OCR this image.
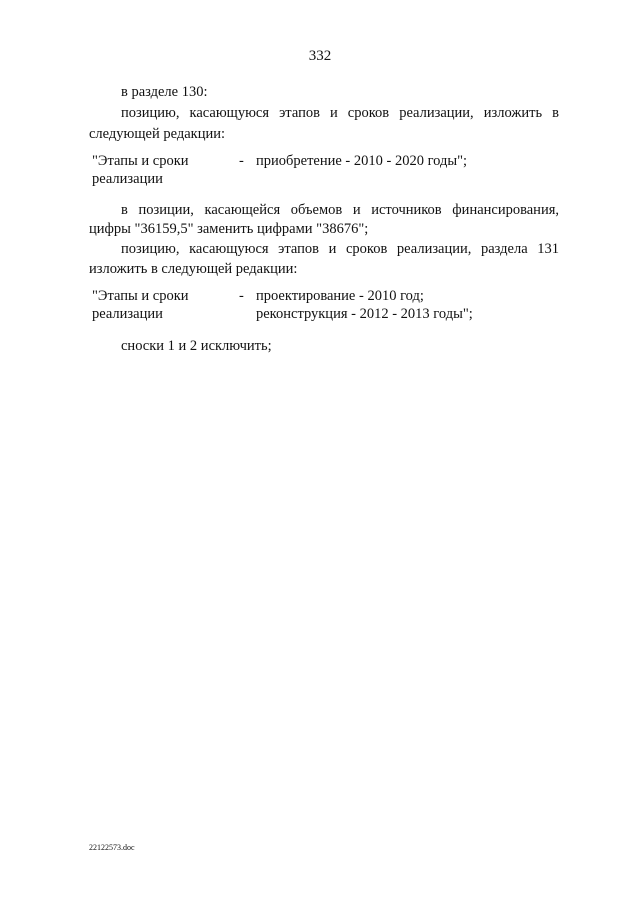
332
в разделе 130:
позицию, касающуюся этапов и сроков реализации, изложить в
следующей редакции:
"Этапы и сроки
реализации
- приобретение - 2010 - 2020 годы";
в позиции, касающейся объемов и источников финансирования,
цифры "36159,5" заменить цифрами "38676";
позицию, касающуюся этапов и сроков реализации, раздела 131
изложить в следующей редакции:
"Этапы и сроки
реализации
- проектирование - 2010 год;
реконструкция - 2012 - 2013 годы";
сноски 1 и 2 исключить;
22122573.doc
